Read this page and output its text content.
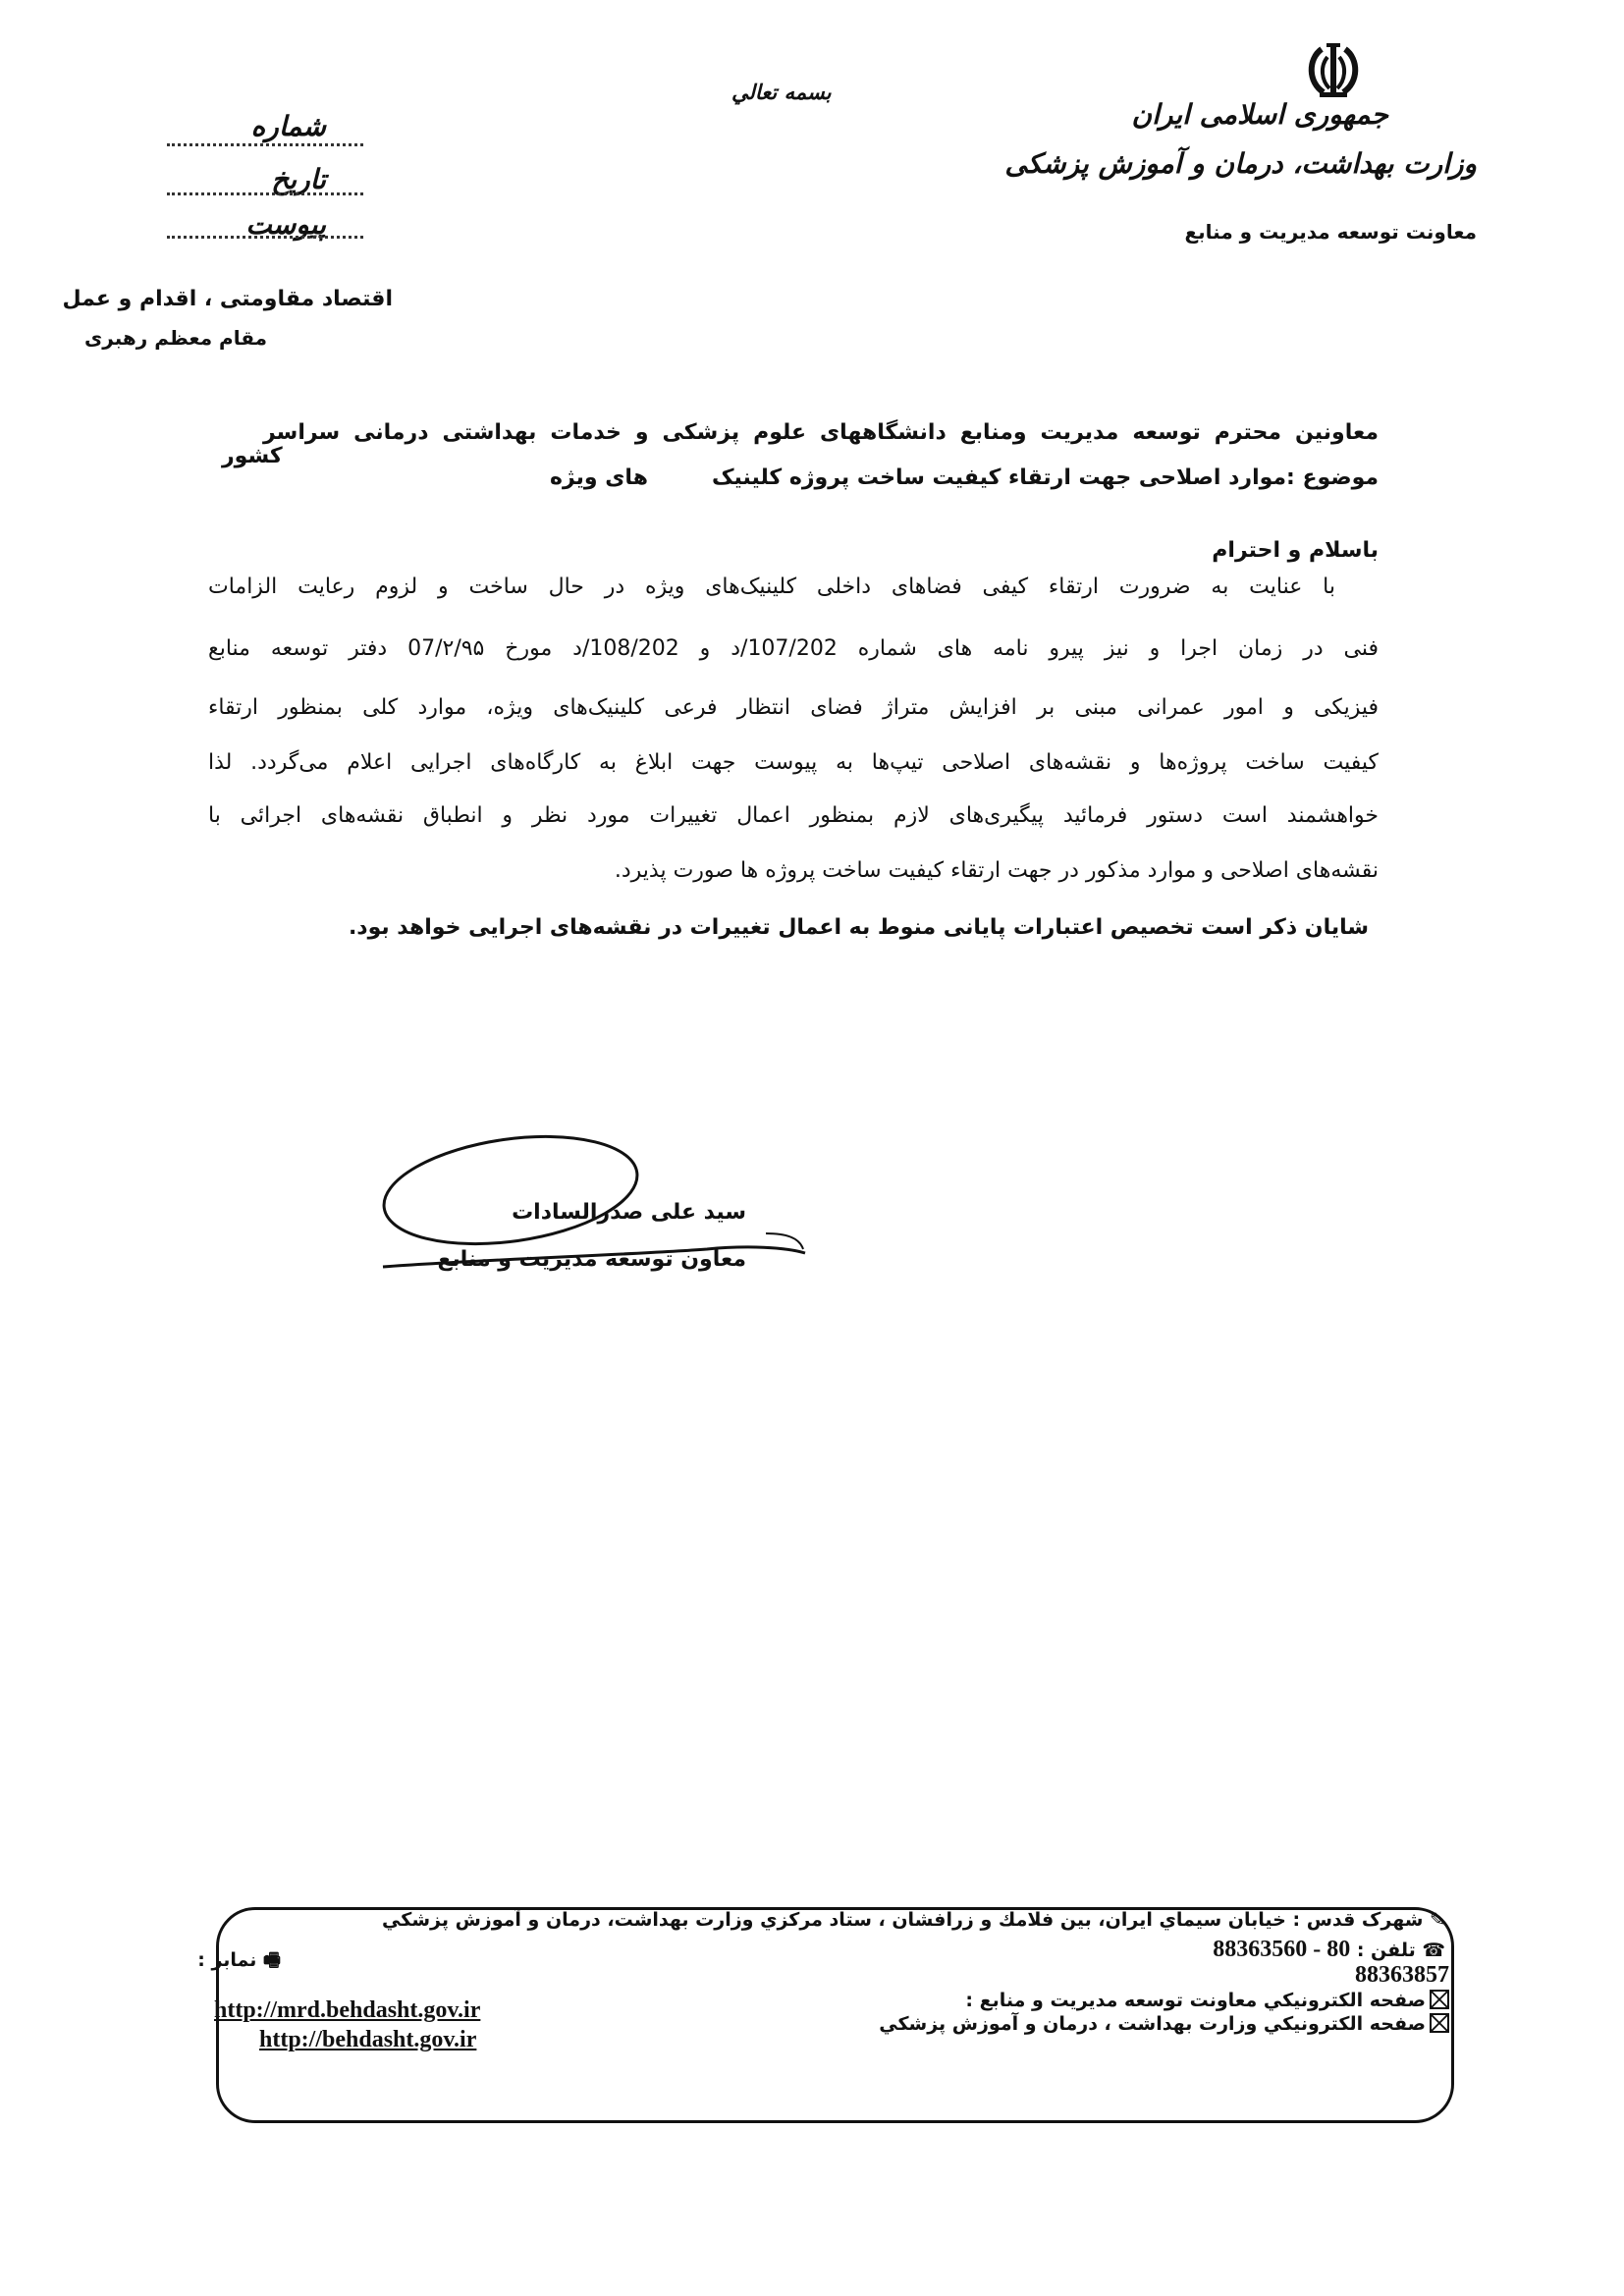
بسمه تعالي
جمهوری اسلامی ایران
وزارت بهداشت، درمان و آموزش پزشکی
معاونت توسعه مدیریت و منابع
شماره
تاریخ
پیوست
اقتصاد مقاومتی ، اقدام و عمل
مقام معظم رهبری
معاونین محترم توسعه مدیریت ومنابع دانشگاههای علوم پزشکی و خدمات بهداشتی درمانی سراسر
کشور
موضوع :موارد اصلاحی جهت ارتقاء کیفیت ساخت پروژه کلینیک
های ویژه
باسلام و احترام
با عنایت به ضرورت ارتقاء کیفی فضاهای داخلی کلینیک‌های ویژه در حال ساخت و لزوم رعایت الزامات
فنی در زمان اجرا و نیز پیرو نامه های شماره 107/202/د و 108/202/د مورخ 07/۲/۹۵ دفتر توسعه منابع
فیزیکی و امور عمرانی مبنی بر افزایش متراژ فضای انتظار فرعی کلینیک‌های ویژه، موارد کلی بمنظور ارتقاء
کیفیت ساخت پروژه‌ها و نقشه‌های اصلاحی تیپ‌ها به پیوست جهت ابلاغ به کارگاه‌های اجرایی اعلام می‌گردد. لذا
خواهشمند است دستور فرمائید پیگیری‌های لازم بمنظور اعمال تغییرات مورد نظر و انطباق نقشه‌های اجرائی با
نقشه‌های اصلاحی و موارد مذکور در جهت ارتقاء کیفیت ساخت پروژه ها صورت پذیرد.
شایان ذکر است تخصیص اعتبارات پایانی منوط به اعمال تغییرات در نقشه‌های اجرایی خواهد بود.
سید علی صدرالسادات
معاون توسعه مدیریت و منابع
✎ شهرک قدس : خيابان سيماي ايران، بين فلامك و زرافشان ، ستاد مركزي وزارت بهداشت، درمان و آموزش پزشكي
☎ تلفن : 88363560 - 80
88363857
🖷 نمابر :
صفحه الكترونيكي معاونت توسعه مديريت و منابع :
صفحه الكترونيكي وزارت بهداشت ، درمان و آموزش پزشكي
http://mrd.behdasht.gov.ir
http://behdasht.gov.ir
